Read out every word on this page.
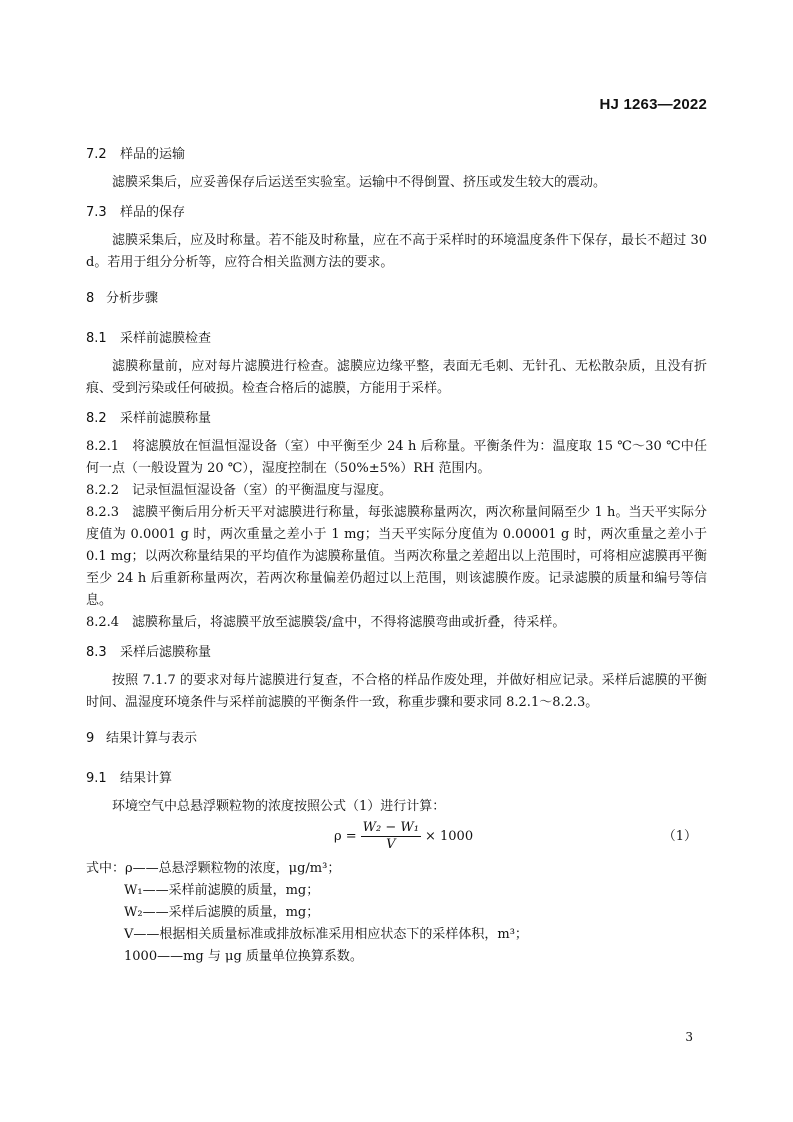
HJ 1263—2022
7.2 样品的运输

滤膜采集后，应妥善保存后运送至实验室。运输中不得倒置、挤压或发生较大的震动。

7.3 样品的保存

滤膜采集后，应及时称量。若不能及时称量，应在不高于采样时的环境温度条件下保存，最长不超过 30 d。若用于组分分析等，应符合相关监测方法的要求。

8 分析步骤
8.1 采样前滤膜检查

滤膜称量前，应对每片滤膜进行检查。滤膜应边缘平整，表面无毛刺、无针孔、无松散杂质，且没有折痕、受到污染或任何破损。检查合格后的滤膜，方能用于采样。

8.2 采样前滤膜称量

8.2.1 将滤膜放在恒温恒湿设备（室）中平衡至少 24 h 后称量。平衡条件为：温度取 15 ℃～30 ℃中任何一点（一般设置为 20 ℃），湿度控制在（50%±5%）RH 范围内。

8.2.2 记录恒温恒湿设备（室）的平衡温度与湿度。

8.2.3 滤膜平衡后用分析天平对滤膜进行称量，每张滤膜称量两次，两次称量间隔至少 1 h。当天平实际分度值为 0.0001 g 时，两次重量之差小于 1 mg；当天平实际分度值为 0.00001 g 时，两次重量之差小于 0.1 mg；以两次称量结果的平均值作为滤膜称量值。当两次称量之差超出以上范围时，可将相应滤膜再平衡至少 24 h 后重新称量两次，若两次称量偏差仍超过以上范围，则该滤膜作废。记录滤膜的质量和编号等信息。

8.2.4 滤膜称量后，将滤膜平放至滤膜袋/盒中，不得将滤膜弯曲或折叠，待采样。

8.3 采样后滤膜称量

按照 7.1.7 的要求对每片滤膜进行复查，不合格的样品作废处理，并做好相应记录。采样后滤膜的平衡时间、温湿度环境条件与采样前滤膜的平衡条件一致，称重步骤和要求同 8.2.1～8.2.3。

9 结果计算与表示
9.1 结果计算

环境空气中总悬浮颗粒物的浓度按照公式（1）进行计算：

$\rho = \frac{\text{W₂ − W₁}}{V} \times 1000$	（1）

式中：ρ——总悬浮颗粒物的浓度，μg/m³；

W₁——采样前滤膜的质量，mg；

W₂——采样后滤膜的质量，mg；

V——根据相关质量标准或排放标准采用相应状态下的采样体积，m³；

1000——mg 与 μg 质量单位换算系数。

3
